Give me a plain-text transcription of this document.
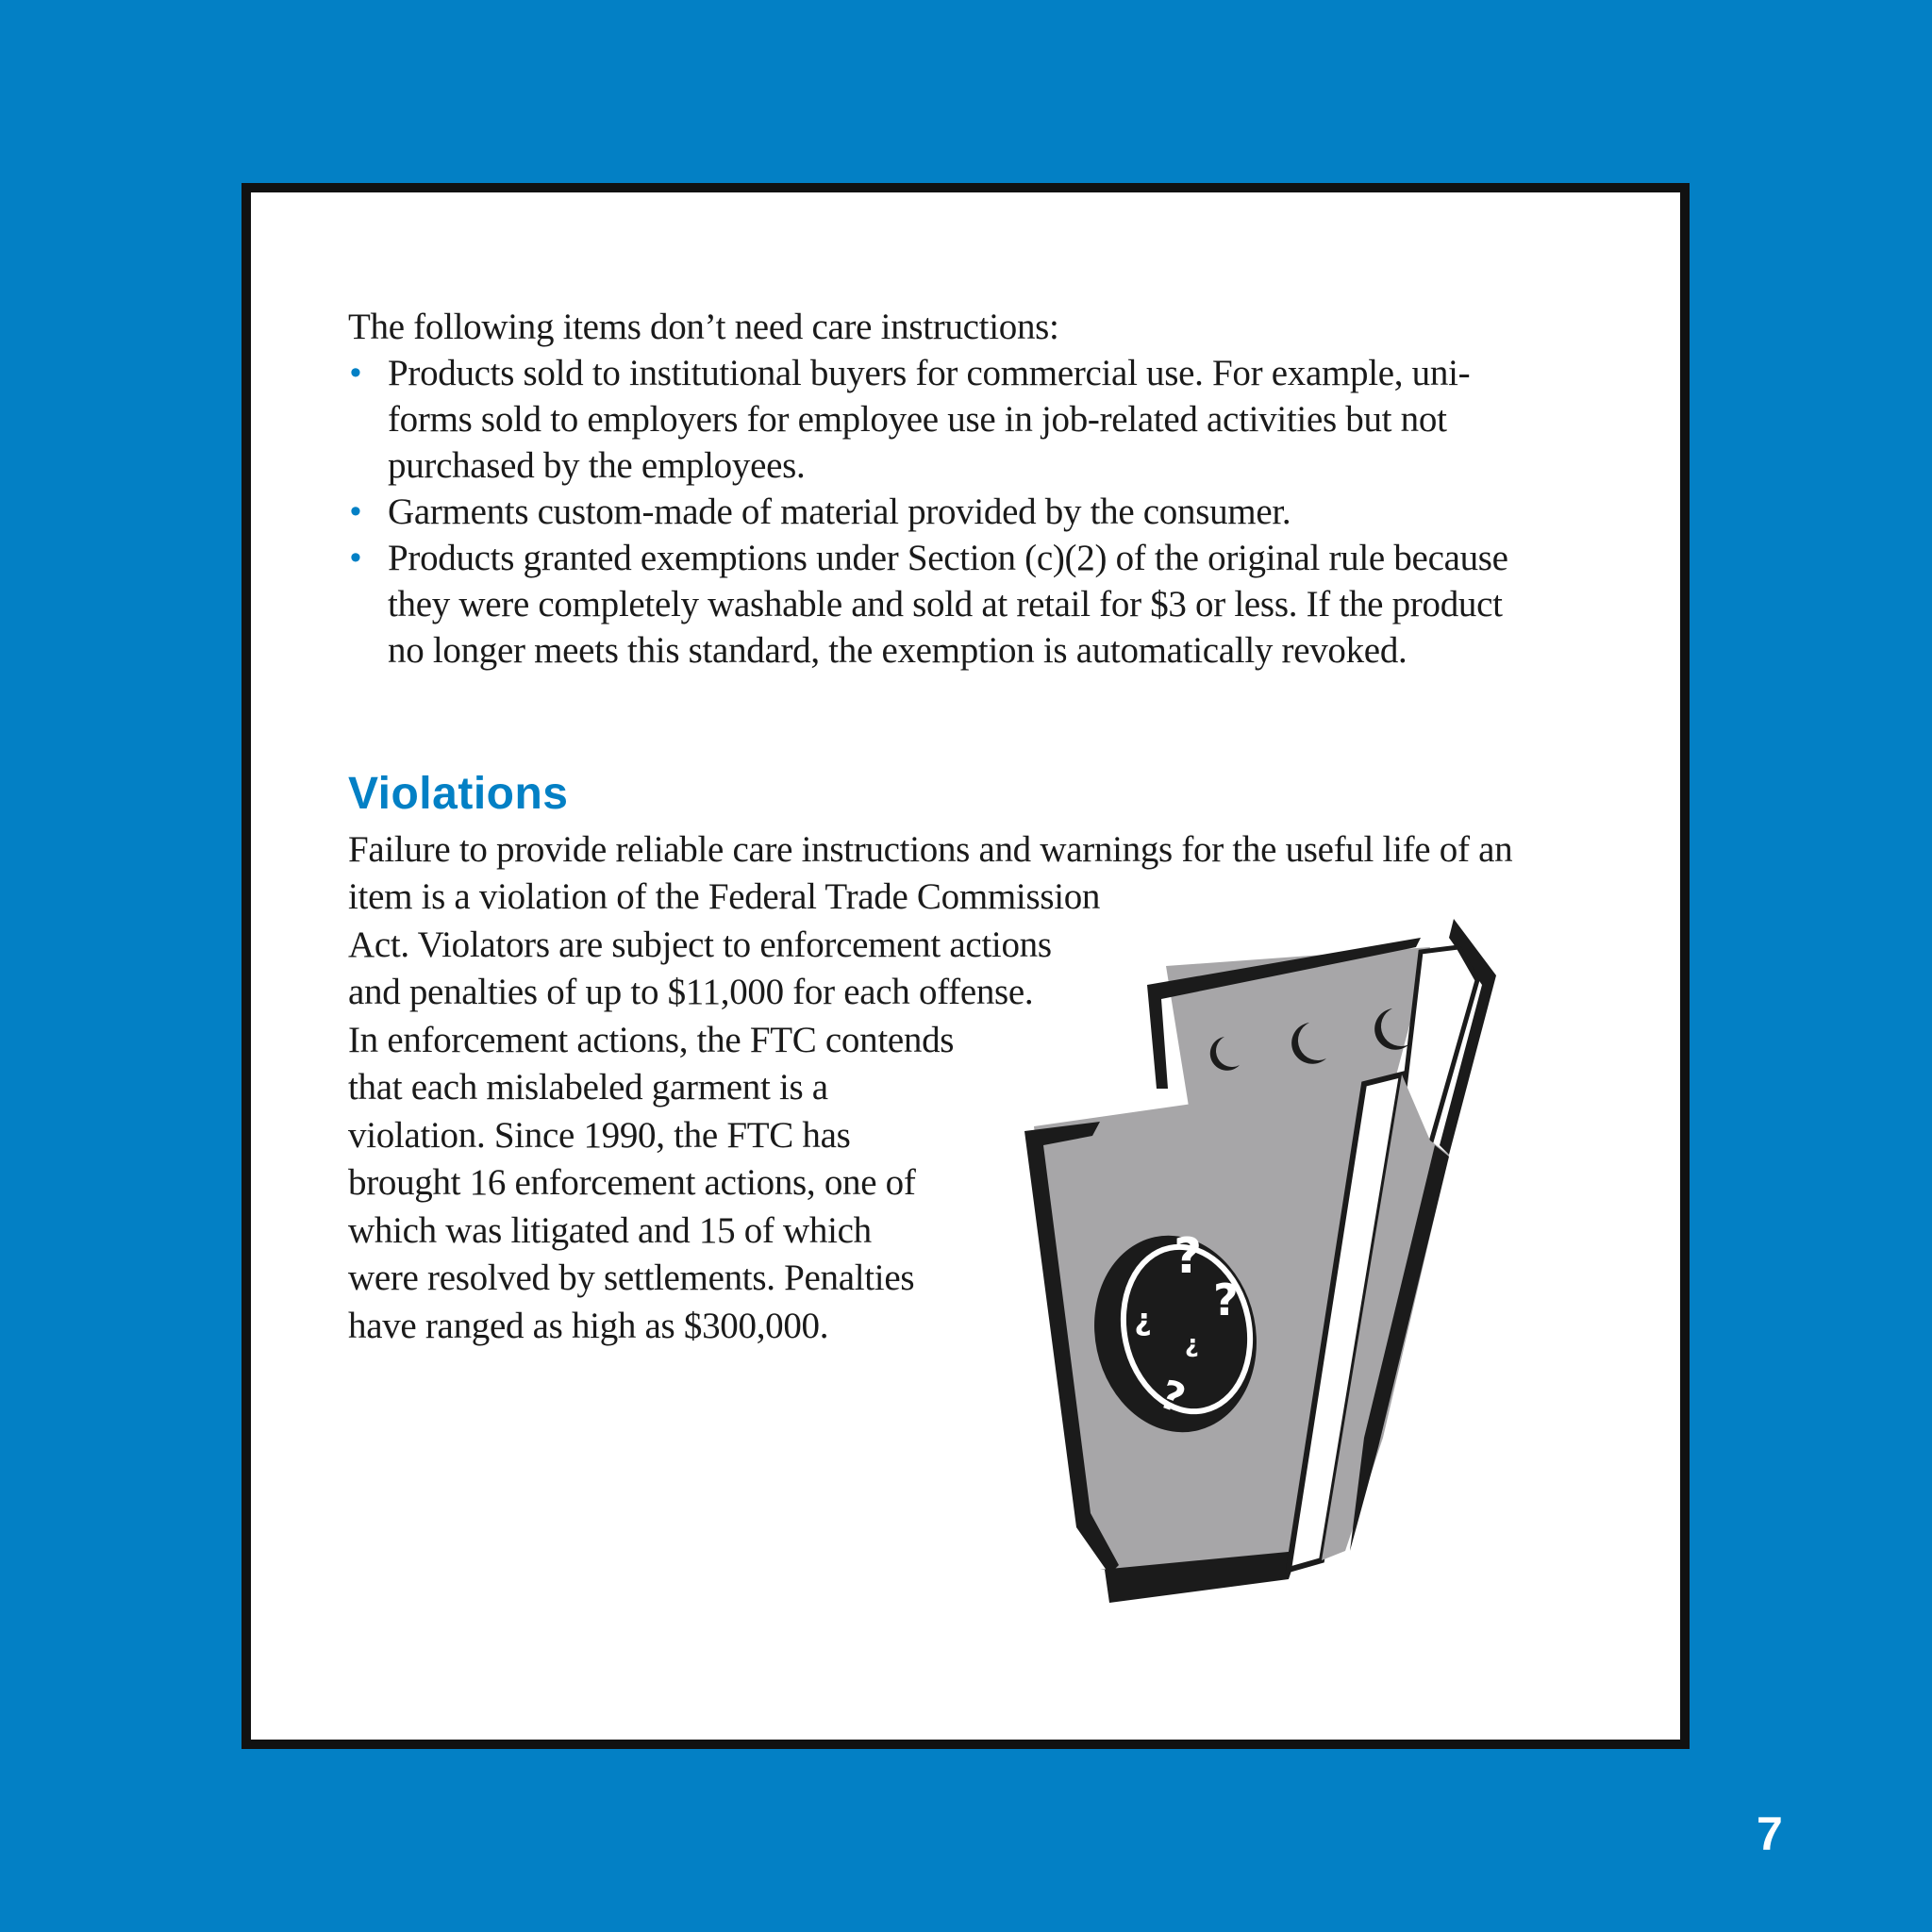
The following items don’t need care instructions:

• Products sold to institutional buyers for commercial use. For example, uni-
forms sold to employers for employee use in job-related activities but not
purchased by the employees.
• Garments custom-made of material provided by the consumer.
• Products granted exemptions under Section (c)(2) of the original rule because
they were completely washable and sold at retail for $3 or less. If the product
no longer meets this standard, the exemption is automatically revoked.
Violations
Failure to provide reliable care instructions and warnings for the useful life of an
item is a violation of the Federal Trade Commission
Act. Violators are subject to enforcement actions
and penalties of up to $11,000 for each offense.
In enforcement actions, the FTC contends
that each mislabeled garment is a
violation. Since 1990, the FTC has
brought 16 enforcement actions, one of
which was litigated and 15 of which
were resolved by settlements. Penalties
have ranged as high as $300,000.
?
?
?
?
?
7
